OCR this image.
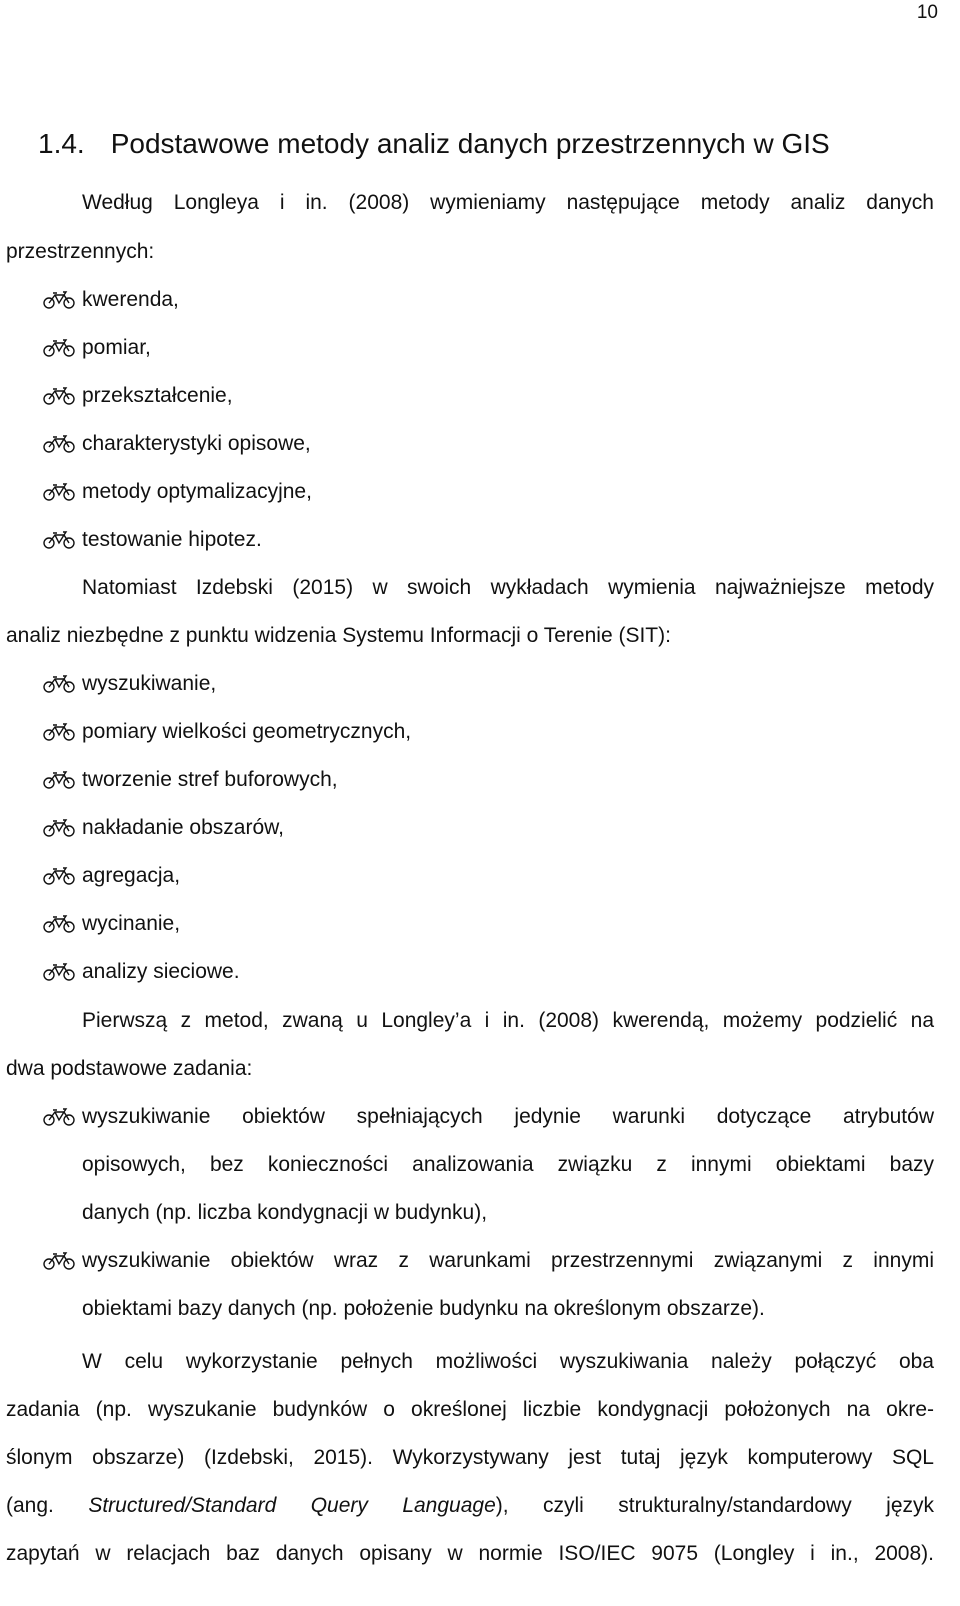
10
1.4. Podstawowe metody analiz danych przestrzennych w GIS
Według Longleya i in. (2008) wymieniamy następujące metody analiz danych
przestrzennych:
kwerenda,
pomiar,
przekształcenie,
charakterystyki opisowe,
metody optymalizacyjne,
testowanie hipotez.
Natomiast Izdebski (2015) w swoich wykładach wymienia najważniejsze metody
analiz niezbędne z punktu widzenia Systemu Informacji o Terenie (SIT):
wyszukiwanie,
pomiary wielkości geometrycznych,
tworzenie stref buforowych,
nakładanie obszarów,
agregacja,
wycinanie,
analizy sieciowe.
Pierwszą z metod, zwaną u Longley’a i in. (2008) kwerendą, możemy podzielić na
dwa podstawowe zadania:
wyszukiwanie obiektów spełniających jedynie warunki dotyczące atrybutów
opisowych, bez konieczności analizowania związku z innymi obiektami bazy
danych (np. liczba kondygnacji w budynku),
wyszukiwanie obiektów wraz z warunkami przestrzennymi związanymi z innymi
obiektami bazy danych (np. położenie budynku na określonym obszarze).
W celu wykorzystanie pełnych możliwości wyszukiwania należy połączyć oba
zadania (np. wyszukanie budynków o określonej liczbie kondygnacji położonych na okre-
ślonym obszarze) (Izdebski, 2015). Wykorzystywany jest tutaj język komputerowy SQL
(ang. Structured/Standard Query Language), czyli strukturalny/standardowy język
zapytań w relacjach baz danych opisany w normie ISO/IEC 9075 (Longley i in., 2008).
